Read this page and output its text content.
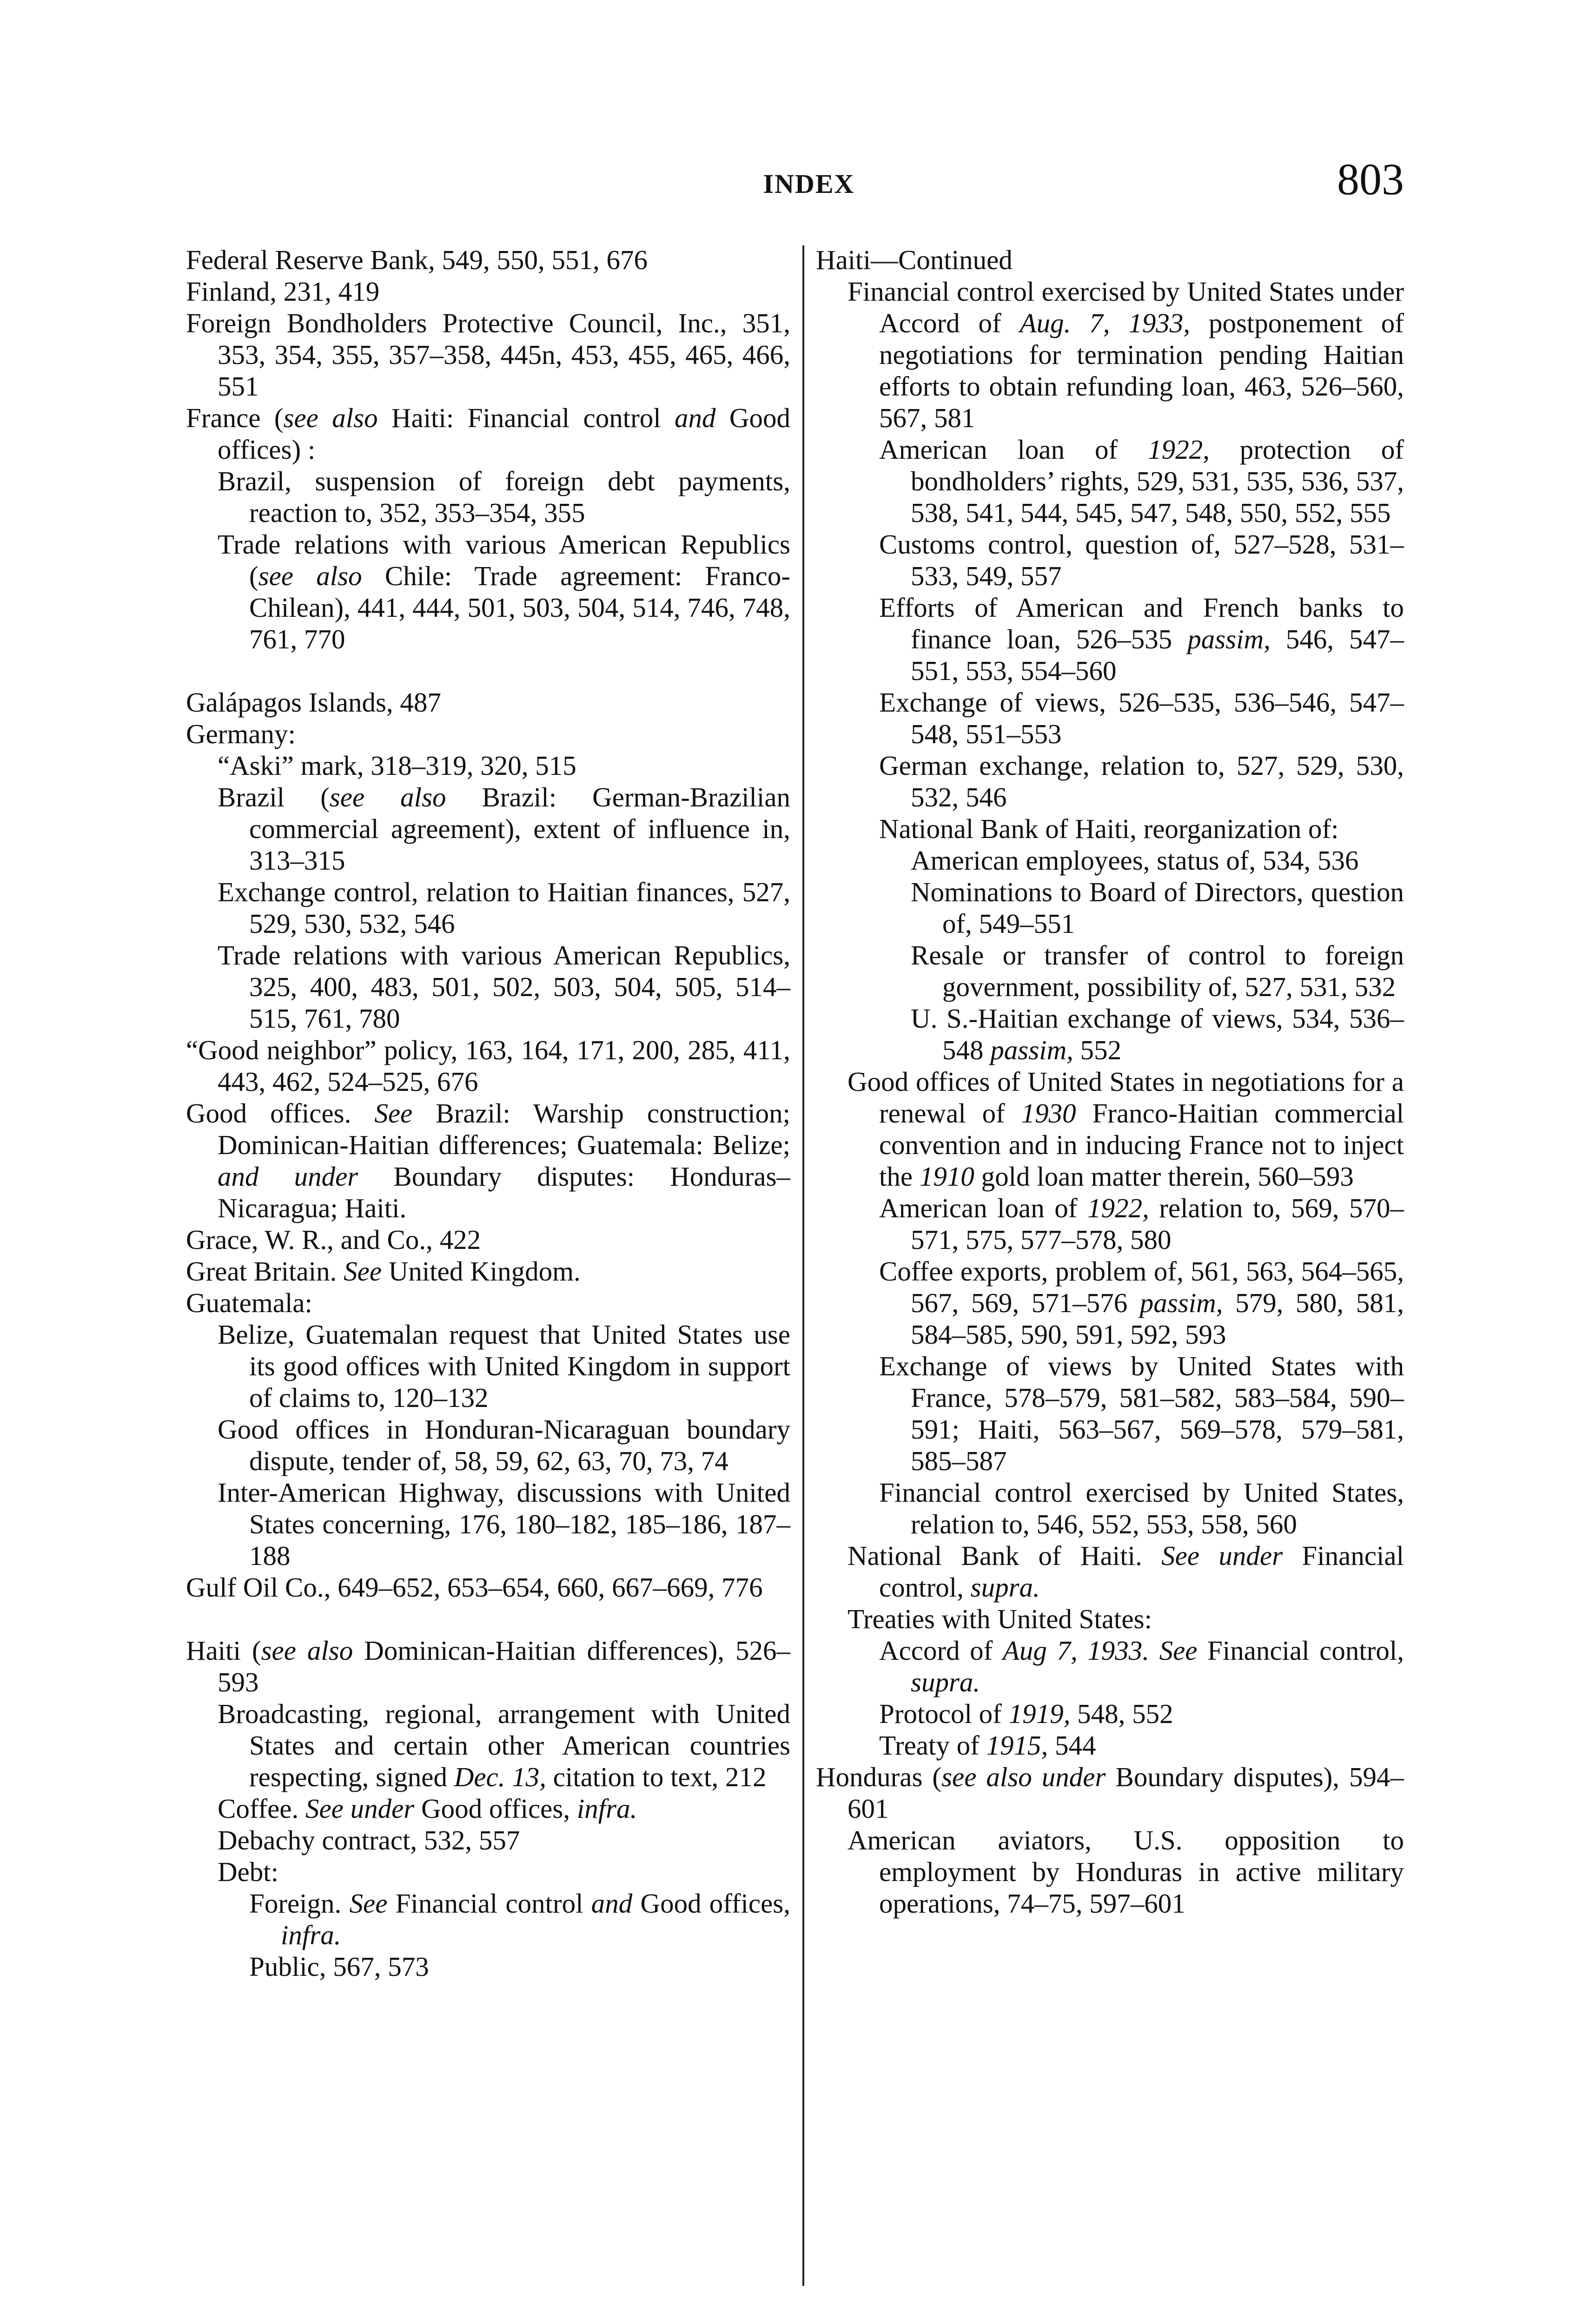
INDEX	803
Federal Reserve Bank, 549, 550, 551, 676
Finland, 231, 419
Foreign Bondholders Protective Council, Inc., 351, 353, 354, 355, 357–358, 445n, 453, 455, 465, 466, 551
France (see also Haiti: Financial control and Good offices) :
Brazil, suspension of foreign debt payments, reaction to, 352, 353–354, 355
Trade relations with various American Republics (see also Chile: Trade agreement: Franco-Chilean), 441, 444, 501, 503, 504, 514, 746, 748, 761, 770
Galápagos Islands, 487
Germany:
“Aski” mark, 318–319, 320, 515
Brazil (see also Brazil: German-Brazilian commercial agreement), extent of influence in, 313–315
Exchange control, relation to Haitian finances, 527, 529, 530, 532, 546
Trade relations with various American Republics, 325, 400, 483, 501, 502, 503, 504, 505, 514–515, 761, 780
“Good neighbor” policy, 163, 164, 171, 200, 285, 411, 443, 462, 524–525, 676
Good offices. See Brazil: Warship construction; Dominican-Haitian differences; Guatemala: Belize; and under Boundary disputes: Honduras–Nicaragua; Haiti.
Grace, W. R., and Co., 422
Great Britain. See United Kingdom.
Guatemala:
Belize, Guatemalan request that United States use its good offices with United Kingdom in support of claims to, 120–132
Good offices in Honduran-Nicaraguan boundary dispute, tender of, 58, 59, 62, 63, 70, 73, 74
Inter-American Highway, discussions with United States concerning, 176, 180–182, 185–186, 187–188
Gulf Oil Co., 649–652, 653–654, 660, 667–669, 776
Haiti (see also Dominican-Haitian differences), 526–593
Broadcasting, regional, arrangement with United States and certain other American countries respecting, signed Dec. 13, citation to text, 212
Coffee. See under Good offices, infra.
Debachy contract, 532, 557
Debt:
Foreign. See Financial control and Good offices, infra.
Public, 567, 573
Haiti—Continued
Financial control exercised by United States under Accord of Aug. 7, 1933, postponement of negotiations for termination pending Haitian efforts to obtain refunding loan, 463, 526–560, 567, 581
American loan of 1922, protection of bondholders’ rights, 529, 531, 535, 536, 537, 538, 541, 544, 545, 547, 548, 550, 552, 555
Customs control, question of, 527–528, 531–533, 549, 557
Efforts of American and French banks to finance loan, 526–535 passim, 546, 547–551, 553, 554–560
Exchange of views, 526–535, 536–546, 547–548, 551–553
German exchange, relation to, 527, 529, 530, 532, 546
National Bank of Haiti, reorganization of:
American employees, status of, 534, 536
Nominations to Board of Directors, question of, 549–551
Resale or transfer of control to foreign government, possibility of, 527, 531, 532
U. S.-Haitian exchange of views, 534, 536–548 passim, 552
Good offices of United States in negotiations for a renewal of 1930 Franco-Haitian commercial convention and in inducing France not to inject the 1910 gold loan matter therein, 560–593
American loan of 1922, relation to, 569, 570–571, 575, 577–578, 580
Coffee exports, problem of, 561, 563, 564–565, 567, 569, 571–576 passim, 579, 580, 581, 584–585, 590, 591, 592, 593
Exchange of views by United States with France, 578–579, 581–582, 583–584, 590–591; Haiti, 563–567, 569–578, 579–581, 585–587
Financial control exercised by United States, relation to, 546, 552, 553, 558, 560
National Bank of Haiti. See under Financial control, supra.
Treaties with United States:
Accord of Aug 7, 1933. See Financial control, supra.
Protocol of 1919, 548, 552
Treaty of 1915, 544
Honduras (see also under Boundary disputes), 594–601
American aviators, U.S. opposition to employment by Honduras in active military operations, 74–75, 597–601
